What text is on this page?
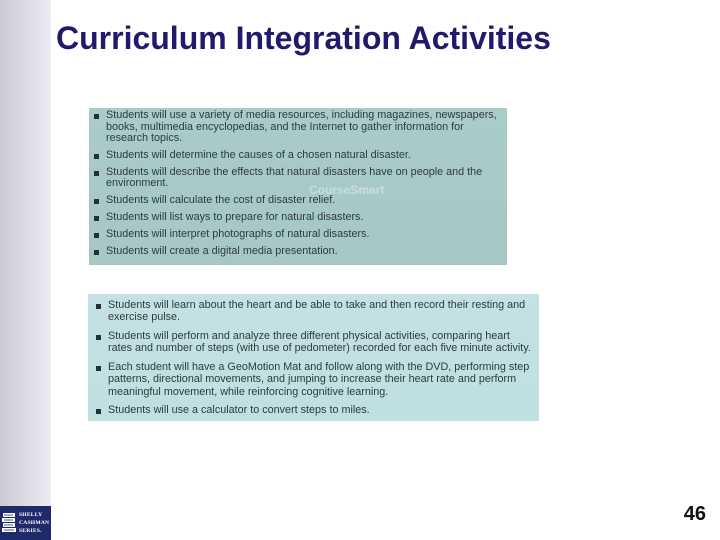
SHELLY
CASHMAN
SERIES.
Curriculum Integration Activities
Students will use a variety of media resources, including magazines, newspapers, books, multimedia encyclopedias, and the Internet to gather information for research topics.
Students will determine the causes of a chosen natural disaster.
Students will describe the effects that natural disasters have on people and the environment.
Students will calculate the cost of disaster relief.
Students will list ways to prepare for natural disasters.
Students will interpret photographs of natural disasters.
Students will create a digital media presentation.
CourseSmart
Students will learn about the heart and be able to take and then record their resting and exercise pulse.
Students will perform and analyze three different physical activities, comparing heart rates and number of steps (with use of pedometer) recorded for each five minute activity.
Each student will have a GeoMotion Mat and follow along with the DVD, performing step patterns, directional movements, and jumping to increase their heart rate and perform meaningful movement, while reinforcing cognitive learning.
Students will use a calculator to convert steps to miles.
46
